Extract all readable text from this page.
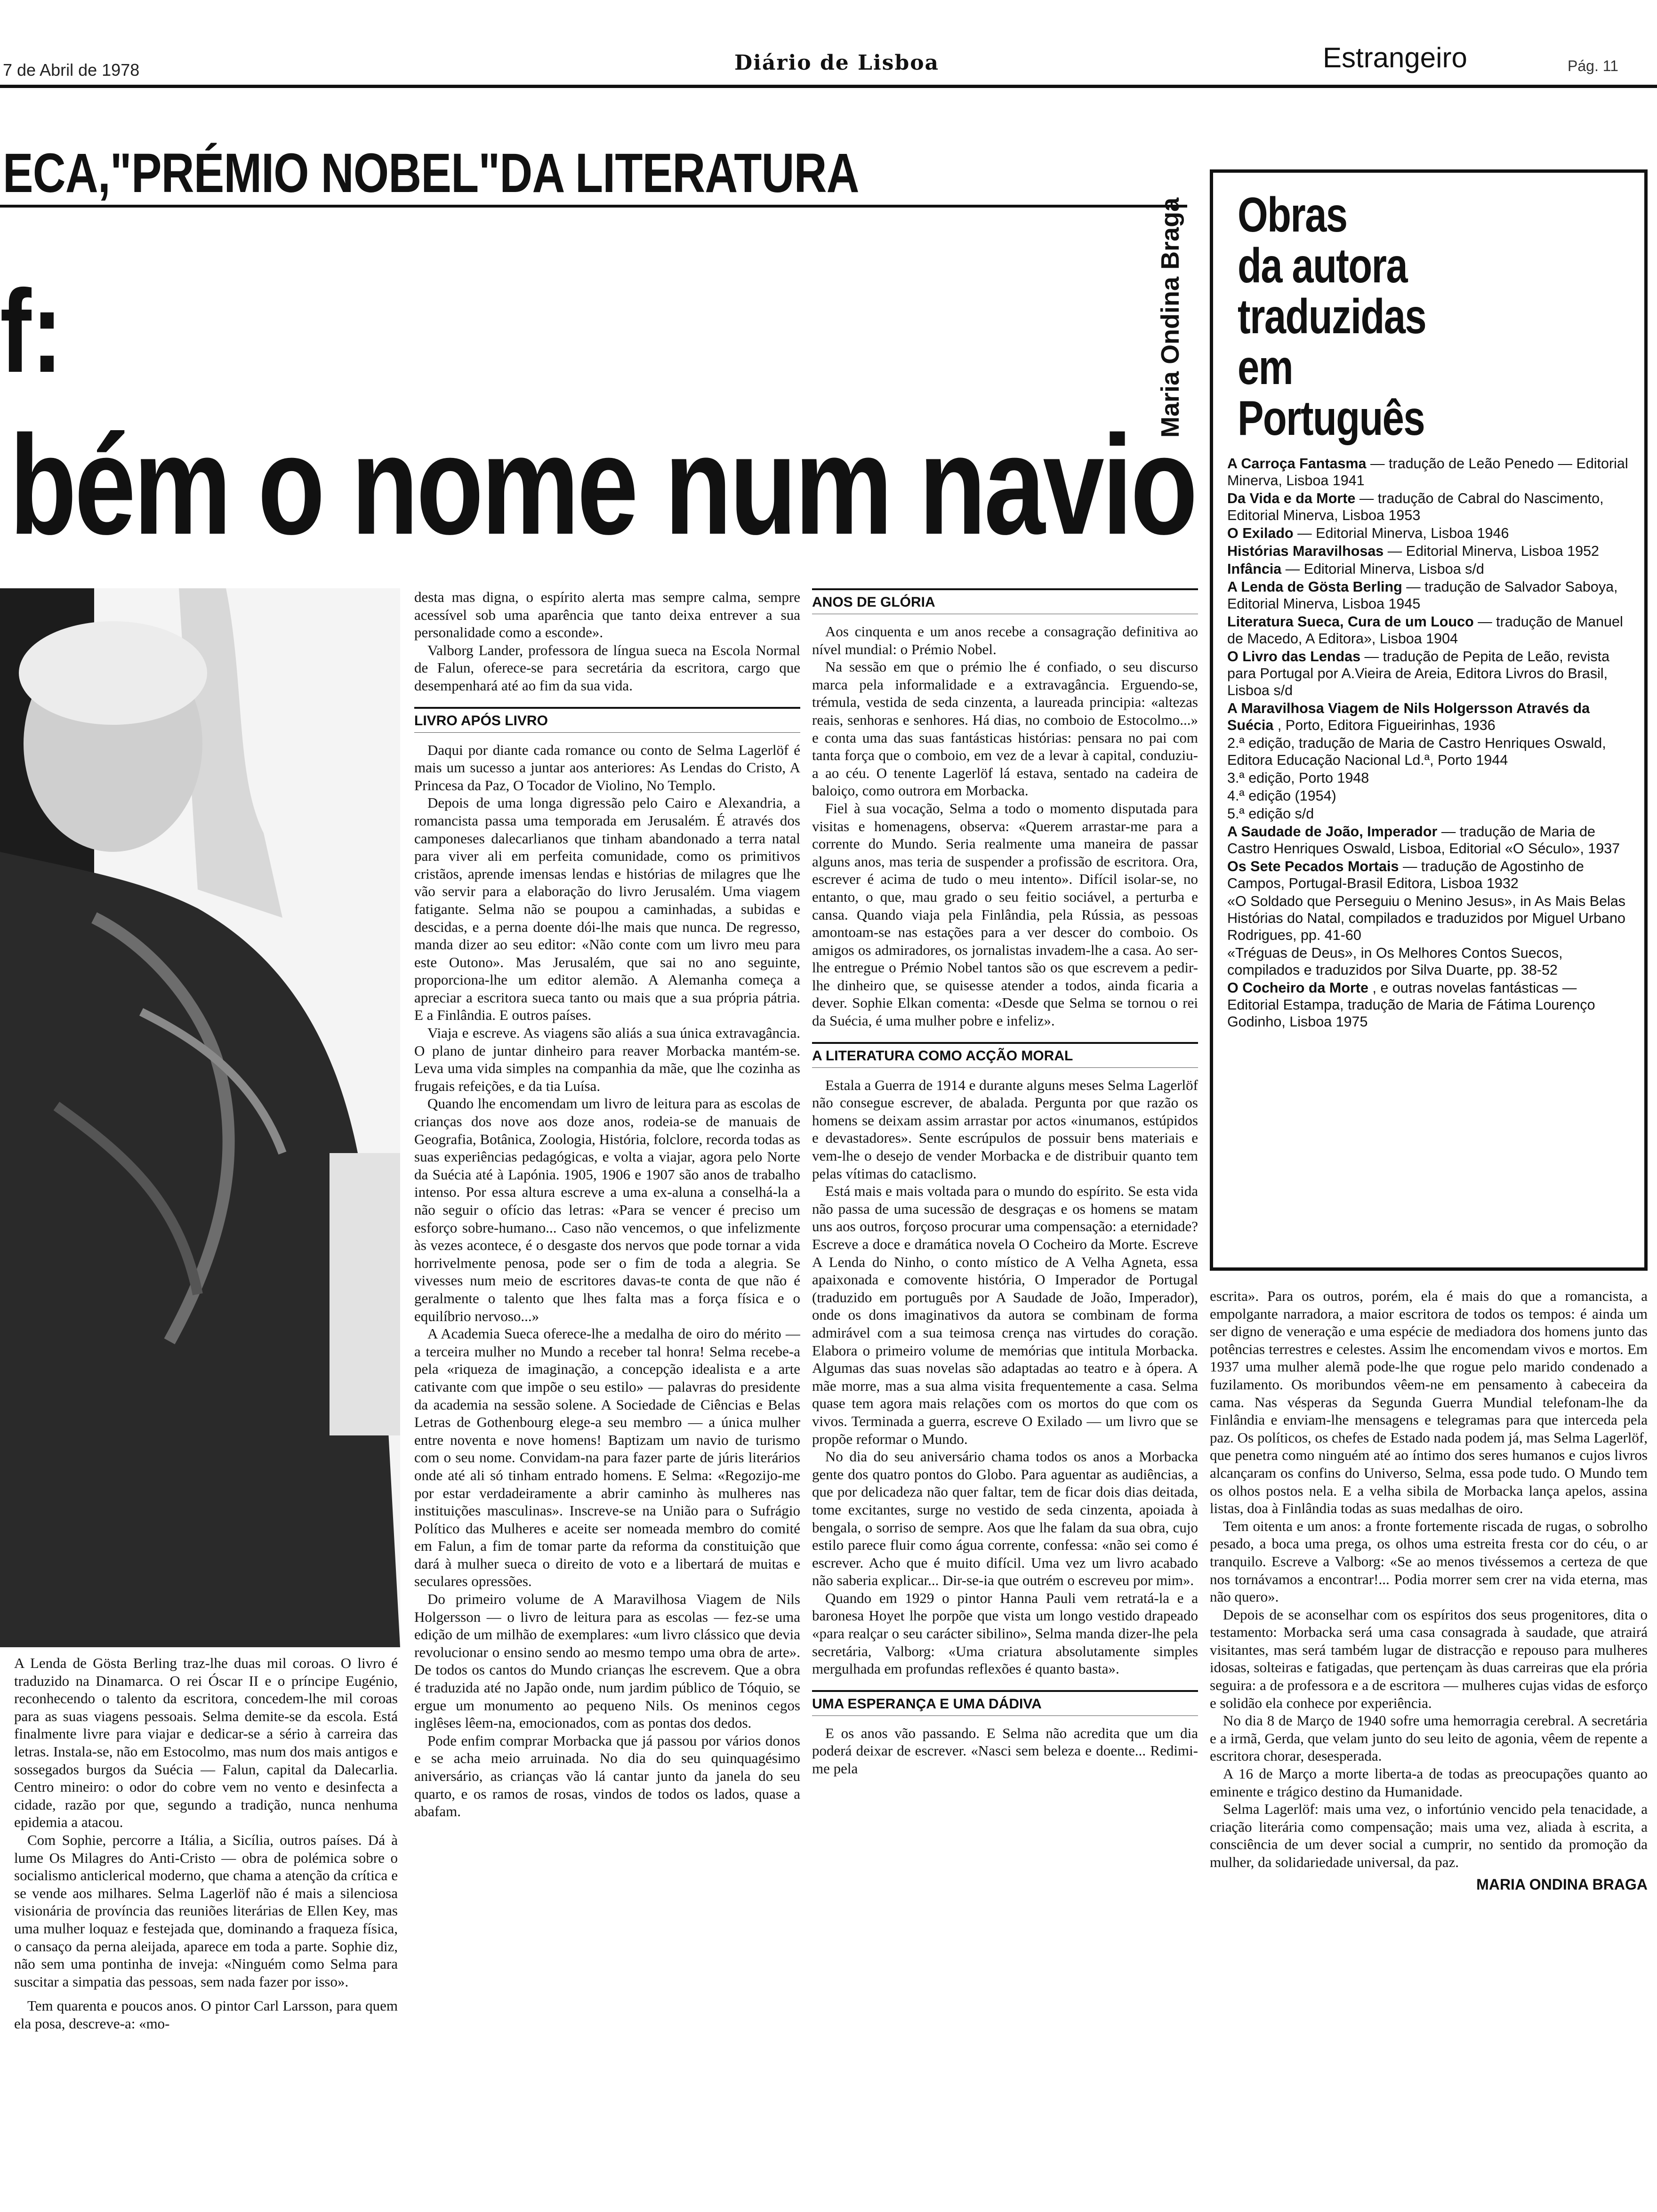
7 de Abril de 1978	Diário de Lisboa	Estrangeiro	Pág. 11
ECA,"PRÉMIO NOBEL"DA LITERATURA
f:
bém o nome num navio
Maria Ondina Braga

A Lenda de Gösta Berling traz-lhe duas mil coroas. O livro é traduzido na Dinamarca. O rei Óscar II e o príncipe Eugénio, reconhecendo o talento da escritora, concedem-lhe mil coroas para as suas viagens pessoais. Selma demite-se da escola. Está finalmente livre para viajar e dedicar-se a sério à carreira das letras. Instala-se, não em Estocolmo, mas num dos mais antigos e sossegados burgos da Suécia — Falun, capital da Dalecarlia. Centro mineiro: o odor do cobre vem no vento e desinfecta a cidade, razão por que, segundo a tradição, nunca nenhuma epidemia a atacou.

Com Sophie, percorre a Itália, a Sicília, outros países. Dá à lume Os Milagres do Anti-Cristo — obra de polémica sobre o socialismo anticlerical moderno, que chama a atenção da crítica e se vende aos milhares. Selma Lagerlöf não é mais a silenciosa visionária de província das reuniões literárias de Ellen Key, mas uma mulher loquaz e festejada que, dominando a fraqueza física, o cansaço da perna aleijada, aparece em toda a parte. Sophie diz, não sem uma pontinha de inveja: «Ninguém como Selma para suscitar a simpatia das pessoas, sem nada fazer por isso».

Tem quarenta e poucos anos. O pintor Carl Larsson, para quem ela posa, descreve-a: «mo-

desta mas digna, o espírito alerta mas sempre calma, sempre acessível sob uma aparência que tanto deixa entrever a sua personalidade como a esconde».

Valborg Lander, professora de língua sueca na Escola Normal de Falun, oferece-se para secretária da escritora, cargo que desempenhará até ao fim da sua vida.

LIVRO APÓS LIVRO

Daqui por diante cada romance ou conto de Selma Lagerlöf é mais um sucesso a juntar aos anteriores: As Lendas do Cristo, A Princesa da Paz, O Tocador de Violino, No Templo.

Depois de uma longa digressão pelo Cairo e Alexandria, a romancista passa uma temporada em Jerusalém. É através dos camponeses dalecarlianos que tinham abandonado a terra natal para viver ali em perfeita comunidade, como os primitivos cristãos, aprende imensas lendas e histórias de milagres que lhe vão servir para a elaboração do livro Jerusalém. Uma viagem fatigante. Selma não se poupou a caminhadas, a subidas e descidas, e a perna doente dói-lhe mais que nunca. De regresso, manda dizer ao seu editor: «Não conte com um livro meu para este Outono». Mas Jerusalém, que sai no ano seguinte, proporciona-lhe um editor alemão. A Alemanha começa a apreciar a escritora sueca tanto ou mais que a sua própria pátria. E a Finlândia. E outros países.

Viaja e escreve. As viagens são aliás a sua única extravagância. O plano de juntar dinheiro para reaver Morbacka mantém-se. Leva uma vida simples na companhia da mãe, que lhe cozinha as frugais refeições, e da tia Luísa.

Quando lhe encomendam um livro de leitura para as escolas de crianças dos nove aos doze anos, rodeia-se de manuais de Geografia, Botânica, Zoologia, História, folclore, recorda todas as suas experiências pedagógicas, e volta a viajar, agora pelo Norte da Suécia até à Lapónia. 1905, 1906 e 1907 são anos de trabalho intenso. Por essa altura escreve a uma ex-aluna a conselhá-la a não seguir o ofício das letras: «Para se vencer é preciso um esforço sobre-humano... Caso não vencemos, o que infelizmente às vezes acontece, é o desgaste dos nervos que pode tornar a vida horrivelmente penosa, pode ser o fim de toda a alegria. Se vivesses num meio de escritores davas-te conta de que não é geralmente o talento que lhes falta mas a força física e o equilíbrio nervoso...»

A Academia Sueca oferece-lhe a medalha de oiro do mérito — a terceira mulher no Mundo a receber tal honra! Selma recebe-a pela «riqueza de imaginação, a concepção idealista e a arte cativante com que impõe o seu estilo» — palavras do presidente da academia na sessão solene. A Sociedade de Ciências e Belas Letras de Gothenbourg elege-a seu membro — a única mulher entre noventa e nove homens! Baptizam um navio de turismo com o seu nome. Convidam-na para fazer parte de júris literários onde até ali só tinham entrado homens. E Selma: «Regozijo-me por estar verdadeiramente a abrir caminho às mulheres nas instituições masculinas». Inscreve-se na União para o Sufrágio Político das Mulheres e aceite ser nomeada membro do comité em Falun, a fim de tomar parte da reforma da constituição que dará à mulher sueca o direito de voto e a libertará de muitas e seculares opressões.

Do primeiro volume de A Maravilhosa Viagem de Nils Holgersson — o livro de leitura para as escolas — fez-se uma edição de um milhão de exemplares: «um livro clássico que devia revolucionar o ensino sendo ao mesmo tempo uma obra de arte». De todos os cantos do Mundo crianças lhe escrevem. Que a obra é traduzida até no Japão onde, num jardim público de Tóquio, se ergue um monumento ao pequeno Nils. Os meninos cegos inglêses lêem-na, emocionados, com as pontas dos dedos.

Pode enfim comprar Morbacka que já passou por vários donos e se acha meio arruinada. No dia do seu quinquagésimo aniversário, as crianças vão lá cantar junto da janela do seu quarto, e os ramos de rosas, vindos de todos os lados, quase a abafam.

ANOS DE GLÓRIA

Aos cinquenta e um anos recebe a consagração definitiva ao nível mundial: o Prémio Nobel.

Na sessão em que o prémio lhe é confiado, o seu discurso marca pela informalidade e a extravagância. Erguendo-se, trémula, vestida de seda cinzenta, a laureada principia: «altezas reais, senhoras e senhores. Há dias, no comboio de Estocolmo...» e conta uma das suas fantásticas histórias: pensara no pai com tanta força que o comboio, em vez de a levar à capital, conduziu-a ao céu. O tenente Lagerlöf lá estava, sentado na cadeira de baloiço, como outrora em Morbacka.

Fiel à sua vocação, Selma a todo o momento disputada para visitas e homenagens, observa: «Querem arrastar-me para a corrente do Mundo. Seria realmente uma maneira de passar alguns anos, mas teria de suspender a profissão de escritora. Ora, escrever é acima de tudo o meu intento». Difícil isolar-se, no entanto, o que, mau grado o seu feitio sociável, a perturba e cansa. Quando viaja pela Finlândia, pela Rússia, as pessoas amontoam-se nas estações para a ver descer do comboio. Os amigos os admiradores, os jornalistas invadem-lhe a casa. Ao ser-lhe entregue o Prémio Nobel tantos são os que escrevem a pedir-lhe dinheiro que, se quisesse atender a todos, ainda ficaria a dever. Sophie Elkan comenta: «Desde que Selma se tornou o rei da Suécia, é uma mulher pobre e infeliz».

A LITERATURA COMO ACÇÃO MORAL

Estala a Guerra de 1914 e durante alguns meses Selma Lagerlöf não consegue escrever, de abalada. Pergunta por que razão os homens se deixam assim arrastar por actos «inumanos, estúpidos e devastadores». Sente escrúpulos de possuir bens materiais e vem-lhe o desejo de vender Morbacka e de distribuir quanto tem pelas vítimas do cataclismo.

Está mais e mais voltada para o mundo do espírito. Se esta vida não passa de uma sucessão de desgraças e os homens se matam uns aos outros, forçoso procurar uma compensação: a eternidade? Escreve a doce e dramática novela O Cocheiro da Morte. Escreve A Lenda do Ninho, o conto místico de A Velha Agneta, essa apaixonada e comovente história, O Imperador de Portugal (traduzido em português por A Saudade de João, Imperador), onde os dons imaginativos da autora se combinam de forma admirável com a sua teimosa crença nas virtudes do coração. Elabora o primeiro volume de memórias que intitula Morbacka. Algumas das suas novelas são adaptadas ao teatro e à ópera. A mãe morre, mas a sua alma visita frequentemente a casa. Selma quase tem agora mais relações com os mortos do que com os vivos. Terminada a guerra, escreve O Exilado — um livro que se propõe reformar o Mundo.

No dia do seu aniversário chama todos os anos a Morbacka gente dos quatro pontos do Globo. Para aguentar as audiências, a que por delicadeza não quer faltar, tem de ficar dois dias deitada, tome excitantes, surge no vestido de seda cinzenta, apoiada à bengala, o sorriso de sempre. Aos que lhe falam da sua obra, cujo estilo parece fluir como água corrente, confessa: «não sei como é escrever. Acho que é muito difícil. Uma vez um livro acabado não saberia explicar... Dir-se-ia que outrém o escreveu por mim».

Quando em 1929 o pintor Hanna Pauli vem retratá-la e a baronesa Hoyet lhe porpõe que vista um longo vestido drapeado «para realçar o seu carácter sibilino», Selma manda dizer-lhe pela secretária, Valborg: «Uma criatura absolutamente simples mergulhada em profundas reflexões é quanto basta».

UMA ESPERANÇA E UMA DÁDIVA

E os anos vão passando. E Selma não acredita que um dia poderá deixar de escrever. «Nasci sem beleza e doente... Redimi-me pela

Obras
da autora
traduzidas
em
Português
A Carroça Fantasma — tradução de Leão Penedo — Editorial Minerva, Lisboa 1941
Da Vida e da Morte — tradução de Cabral do Nascimento, Editorial Minerva, Lisboa 1953
O Exilado — Editorial Minerva, Lisboa 1946
Histórias Maravilhosas — Editorial Minerva, Lisboa 1952
Infância — Editorial Minerva, Lisboa s/d
A Lenda de Gösta Berling — tradução de Salvador Saboya, Editorial Minerva, Lisboa 1945
Literatura Sueca, Cura de um Louco — tradução de Manuel de Macedo, A Editora», Lisboa 1904
O Livro das Lendas — tradução de Pepita de Leão, revista para Portugal por A.Vieira de Areia, Editora Livros do Brasil, Lisboa s/d
A Maravilhosa Viagem de Nils Holgersson Através da Suécia , Porto, Editora Figueirinhas, 1936
2.ª edição, tradução de Maria de Castro Henriques Oswald, Editora Educação Nacional Ld.ª, Porto 1944
3.ª edição, Porto 1948
4.ª edição (1954)
5.ª edição s/d
A Saudade de João, Imperador — tradução de Maria de Castro Henriques Oswald, Lisboa, Editorial «O Século», 1937
Os Sete Pecados Mortais — tradução de Agostinho de Campos, Portugal-Brasil Editora, Lisboa 1932
«O Soldado que Perseguiu o Menino Jesus», in As Mais Belas Histórias do Natal, compilados e traduzidos por Miguel Urbano Rodrigues, pp. 41-60
«Tréguas de Deus», in Os Melhores Contos Suecos, compilados e traduzidos por Silva Duarte, pp. 38-52
O Cocheiro da Morte , e outras novelas fantásticas — Editorial Estampa, tradução de Maria de Fátima Lourenço Godinho, Lisboa 1975

escrita». Para os outros, porém, ela é mais do que a romancista, a empolgante narradora, a maior escritora de todos os tempos: é ainda um ser digno de veneração e uma espécie de mediadora dos homens junto das potências terrestres e celestes. Assim lhe encomendam vivos e mortos. Em 1937 uma mulher alemã pode-lhe que rogue pelo marido condenado a fuzilamento. Os moribundos vêem-ne em pensamento à cabeceira da cama. Nas vésperas da Segunda Guerra Mundial telefonam-lhe da Finlândia e enviam-lhe mensagens e telegramas para que interceda pela paz. Os políticos, os chefes de Estado nada podem já, mas Selma Lagerlöf, que penetra como ninguém até ao íntimo dos seres humanos e cujos livros alcançaram os confins do Universo, Selma, essa pode tudo. O Mundo tem os olhos postos nela. E a velha sibila de Morbacka lança apelos, assina listas, doa à Finlândia todas as suas medalhas de oiro.

Tem oitenta e um anos: a fronte fortemente riscada de rugas, o sobrolho pesado, a boca uma prega, os olhos uma estreita fresta cor do céu, o ar tranquilo. Escreve a Valborg: «Se ao menos tivéssemos a certeza de que nos tornávamos a encontrar!... Podia morrer sem crer na vida eterna, mas não quero».

Depois de se aconselhar com os espíritos dos seus progenitores, dita o testamento: Morbacka será uma casa consagrada à saudade, que atrairá visitantes, mas será também lugar de distracção e repouso para mulheres idosas, solteiras e fatigadas, que pertençam às duas carreiras que ela prória seguira: a de professora e a de escritora — mulheres cujas vidas de esforço e solidão ela conhece por experiência.

No dia 8 de Março de 1940 sofre uma hemorragia cerebral. A secretária e a irmã, Gerda, que velam junto do seu leito de agonia, vêem de repente a escritora chorar, desesperada.

A 16 de Março a morte liberta-a de todas as preocupações quanto ao eminente e trágico destino da Humanidade.

Selma Lagerlöf: mais uma vez, o infortúnio vencido pela tenacidade, a criação literária como compensação; mais uma vez, aliada à escrita, a consciência de um dever social a cumprir, no sentido da promoção da mulher, da solidariedade universal, da paz.

MARIA ONDINA BRAGA
